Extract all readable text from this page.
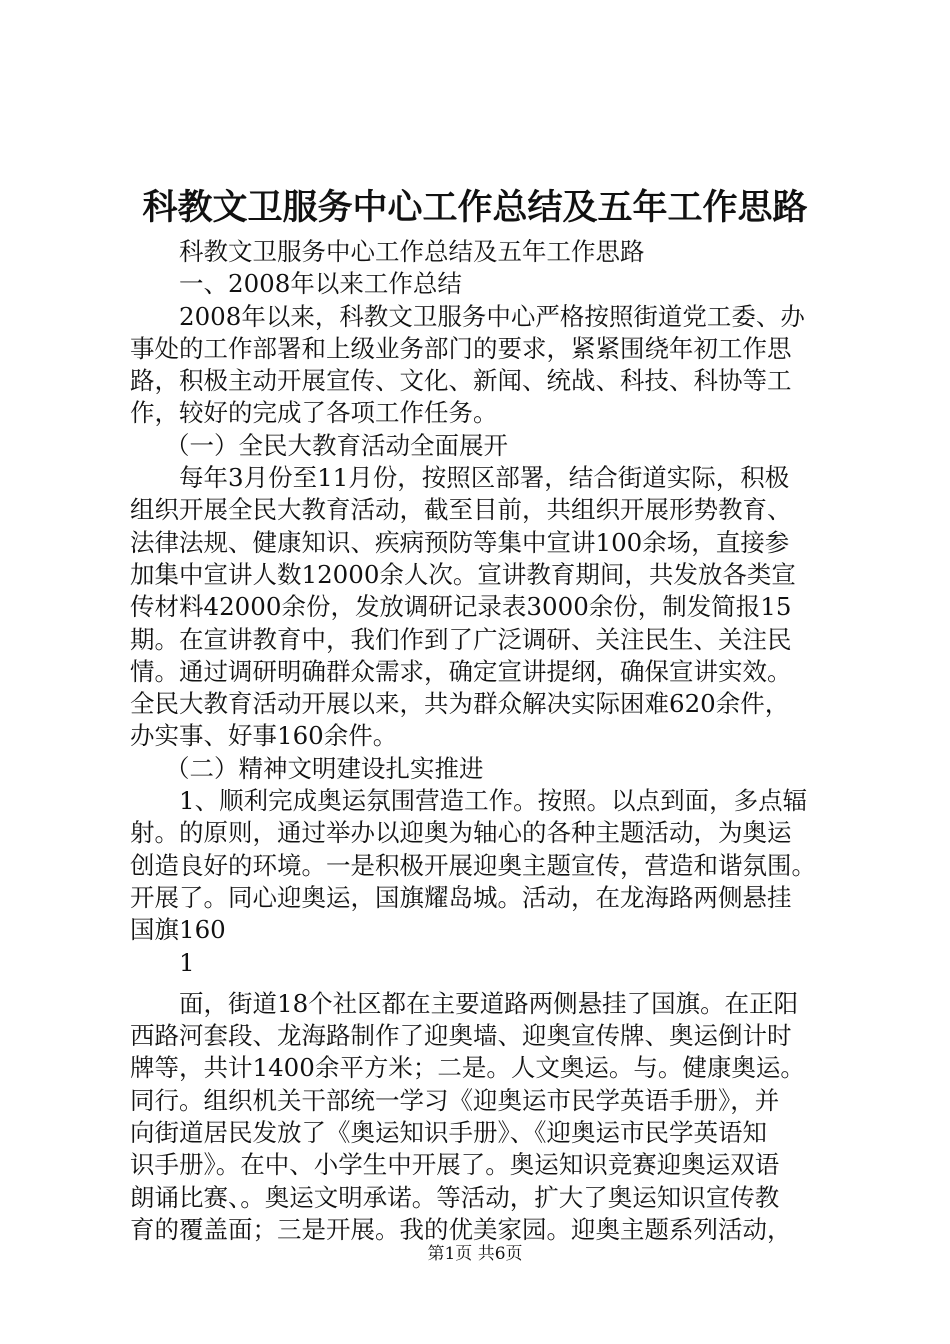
科教文卫服务中心工作总结及五年工作思路
科教文卫服务中心工作总结及五年工作思路
一、2008年以来工作总结
2008年以来，科教文卫服务中心严格按照街道党工委、办
事处的工作部署和上级业务部门的要求，紧紧围绕年初工作思
路，积极主动开展宣传、文化、新闻、统战、科技、科协等工
作，较好的完成了各项工作任务。
（一）全民大教育活动全面展开
每年3月份至11月份，按照区部署，结合街道实际，积极
组织开展全民大教育活动，截至目前，共组织开展形势教育、
法律法规、健康知识、疾病预防等集中宣讲100余场，直接参
加集中宣讲人数12000余人次。宣讲教育期间，共发放各类宣
传材料42000余份，发放调研记录表3000余份，制发简报15
期。在宣讲教育中，我们作到了广泛调研、关注民生、关注民
情。通过调研明确群众需求，确定宣讲提纲，确保宣讲实效。
全民大教育活动开展以来，共为群众解决实际困难620余件，
办实事、好事160余件。
（二）精神文明建设扎实推进
1、顺利完成奥运氛围营造工作。按照。以点到面，多点辐
射。的原则，通过举办以迎奥为轴心的各种主题活动，为奥运
创造良好的环境。一是积极开展迎奥主题宣传，营造和谐氛围。
开展了。同心迎奥运，国旗耀岛城。活动，在龙海路两侧悬挂
国旗160
1
面，街道18个社区都在主要道路两侧悬挂了国旗。在正阳
西路河套段、龙海路制作了迎奥墙、迎奥宣传牌、奥运倒计时
牌等，共计1400余平方米；二是。人文奥运。与。健康奥运。
同行。组织机关干部统一学习《迎奥运市民学英语手册》，并
向街道居民发放了《奥运知识手册》、《迎奥运市民学英语知
识手册》。在中、小学生中开展了。奥运知识竞赛迎奥运双语
朗诵比赛、。奥运文明承诺。等活动，扩大了奥运知识宣传教
育的覆盖面；三是开展。我的优美家园。迎奥主题系列活动，
第1页 共6页
